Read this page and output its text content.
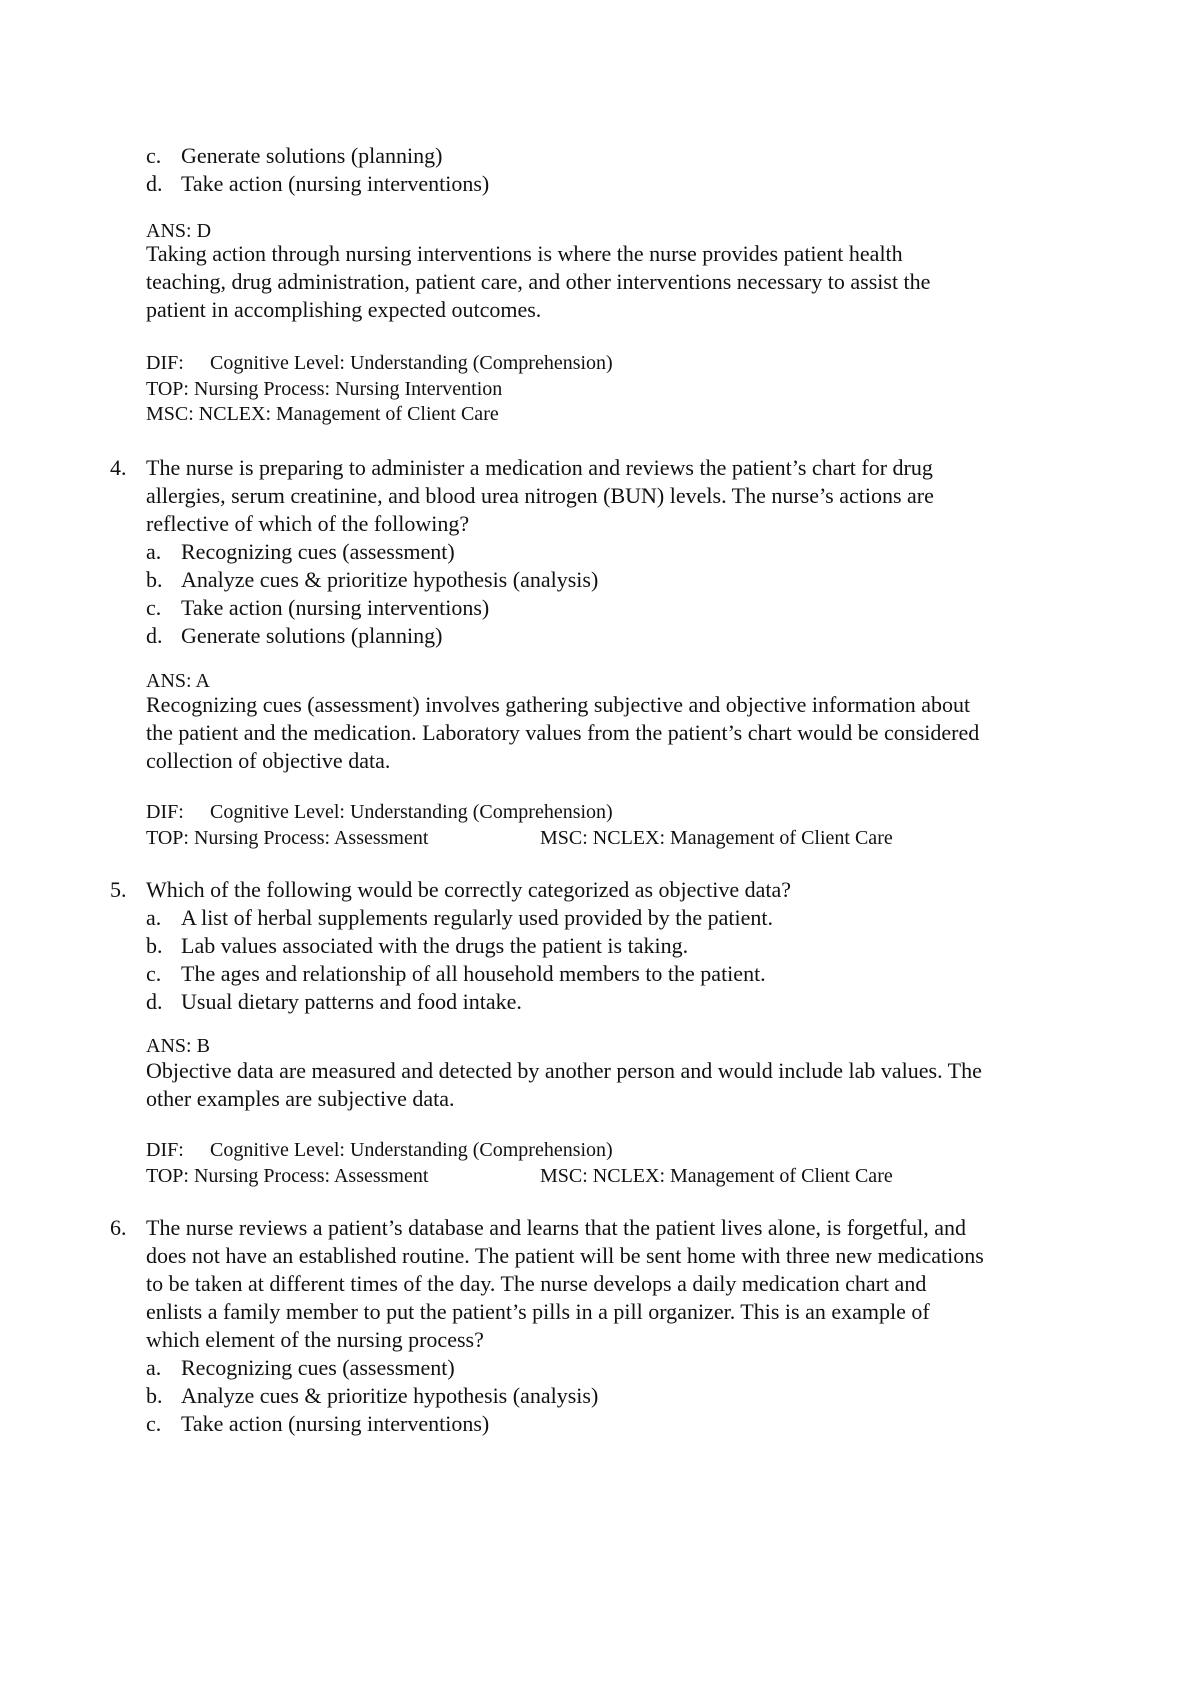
c. Generate solutions (planning)
d. Take action (nursing interventions)
ANS: D
Taking action through nursing interventions is where the nurse provides patient health
teaching, drug administration, patient care, and other interventions necessary to assist the
patient in accomplishing expected outcomes.
DIF: Cognitive Level: Understanding (Comprehension)
TOP: Nursing Process: Nursing Intervention
MSC: NCLEX: Management of Client Care
4. The nurse is preparing to administer a medication and reviews the patient’s chart for drug
allergies, serum creatinine, and blood urea nitrogen (BUN) levels. The nurse’s actions are
reflective of which of the following?
a. Recognizing cues (assessment)
b. Analyze cues & prioritize hypothesis (analysis)
c. Take action (nursing interventions)
d. Generate solutions (planning)
ANS: A
Recognizing cues (assessment) involves gathering subjective and objective information about
the patient and the medication. Laboratory values from the patient’s chart would be considered
collection of objective data.
DIF: Cognitive Level: Understanding (Comprehension)
TOP: Nursing Process: Assessment	MSC: NCLEX: Management of Client Care
5. Which of the following would be correctly categorized as objective data?
a. A list of herbal supplements regularly used provided by the patient.
b. Lab values associated with the drugs the patient is taking.
c. The ages and relationship of all household members to the patient.
d. Usual dietary patterns and food intake.
ANS: B
Objective data are measured and detected by another person and would include lab values. The
other examples are subjective data.
DIF: Cognitive Level: Understanding (Comprehension)
TOP: Nursing Process: Assessment	MSC: NCLEX: Management of Client Care
6. The nurse reviews a patient’s database and learns that the patient lives alone, is forgetful, and
does not have an established routine. The patient will be sent home with three new medications
to be taken at different times of the day. The nurse develops a daily medication chart and
enlists a family member to put the patient’s pills in a pill organizer. This is an example of
which element of the nursing process?
a. Recognizing cues (assessment)
b. Analyze cues & prioritize hypothesis (analysis)
c. Take action (nursing interventions)
